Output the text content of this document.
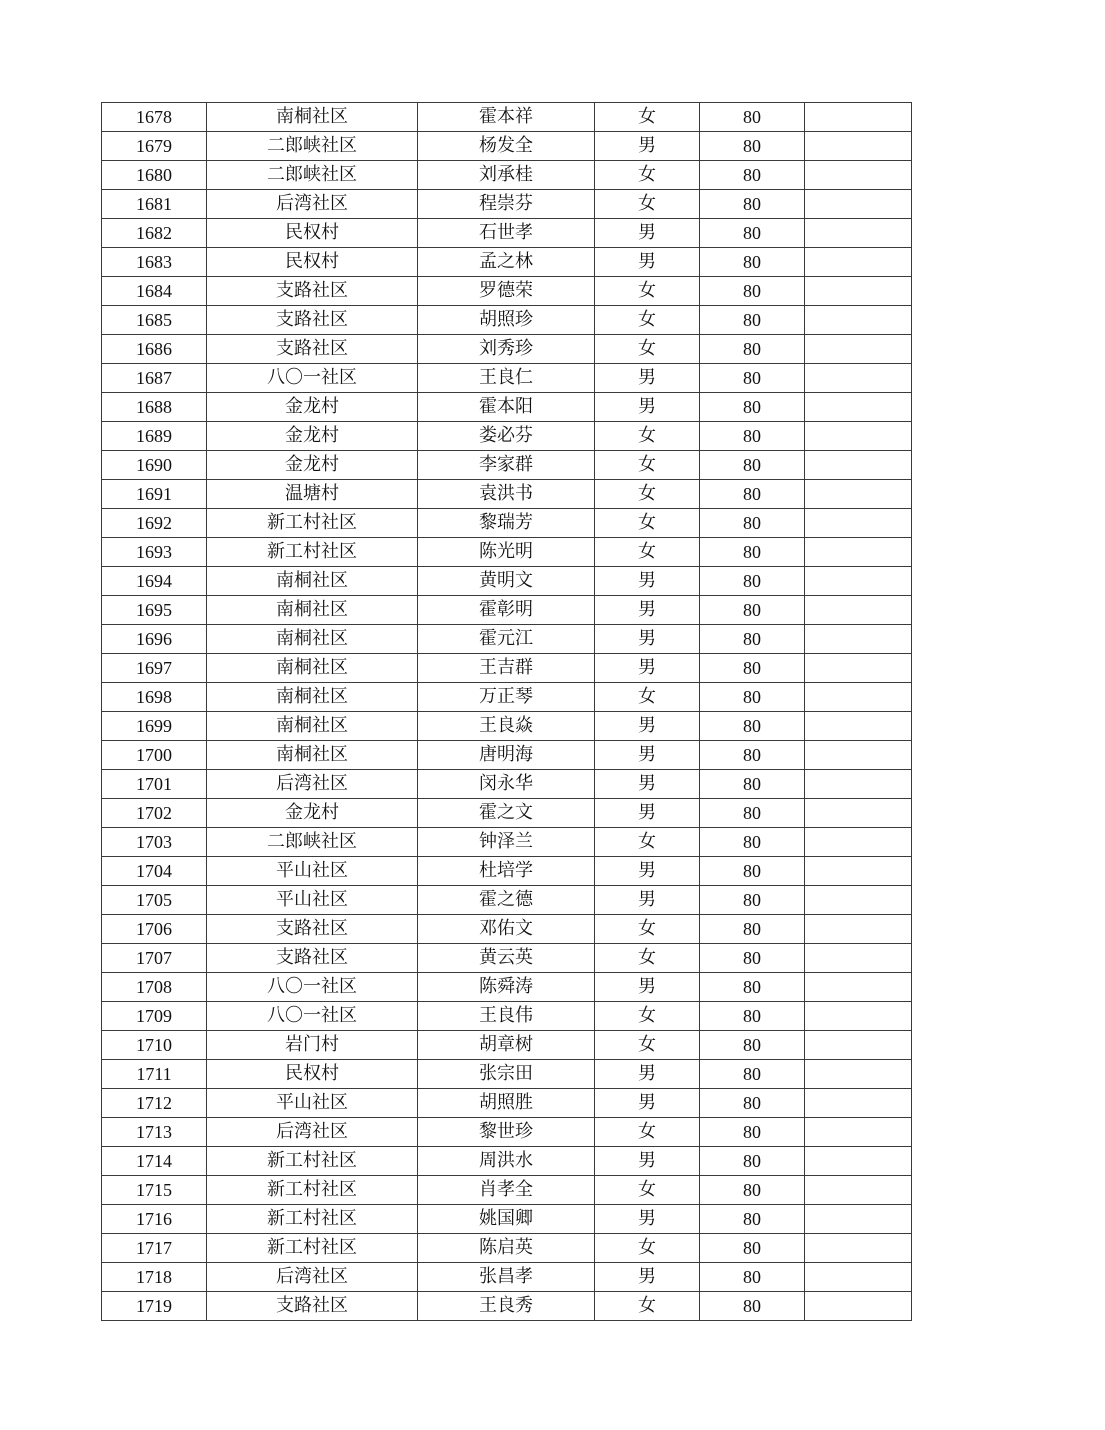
1678	南桐社区	霍本祥	女	80	
1679	二郎峡社区	杨发全	男	80	
1680	二郎峡社区	刘承桂	女	80	
1681	后湾社区	程崇芬	女	80	
1682	民权村	石世孝	男	80	
1683	民权村	孟之林	男	80	
1684	支路社区	罗德荣	女	80	
1685	支路社区	胡照珍	女	80	
1686	支路社区	刘秀珍	女	80	
1687	八〇一社区	王良仁	男	80	
1688	金龙村	霍本阳	男	80	
1689	金龙村	娄必芬	女	80	
1690	金龙村	李家群	女	80	
1691	温塘村	袁洪书	女	80	
1692	新工村社区	黎瑞芳	女	80	
1693	新工村社区	陈光明	女	80	
1694	南桐社区	黄明文	男	80	
1695	南桐社区	霍彰明	男	80	
1696	南桐社区	霍元江	男	80	
1697	南桐社区	王吉群	男	80	
1698	南桐社区	万正琴	女	80	
1699	南桐社区	王良焱	男	80	
1700	南桐社区	唐明海	男	80	
1701	后湾社区	闵永华	男	80	
1702	金龙村	霍之文	男	80	
1703	二郎峡社区	钟泽兰	女	80	
1704	平山社区	杜培学	男	80	
1705	平山社区	霍之德	男	80	
1706	支路社区	邓佑文	女	80	
1707	支路社区	黄云英	女	80	
1708	八〇一社区	陈舜涛	男	80	
1709	八〇一社区	王良伟	女	80	
1710	岩门村	胡章树	女	80	
1711	民权村	张宗田	男	80	
1712	平山社区	胡照胜	男	80	
1713	后湾社区	黎世珍	女	80	
1714	新工村社区	周洪水	男	80	
1715	新工村社区	肖孝全	女	80	
1716	新工村社区	姚国卿	男	80	
1717	新工村社区	陈启英	女	80	
1718	后湾社区	张昌孝	男	80	
1719	支路社区	王良秀	女	80	
